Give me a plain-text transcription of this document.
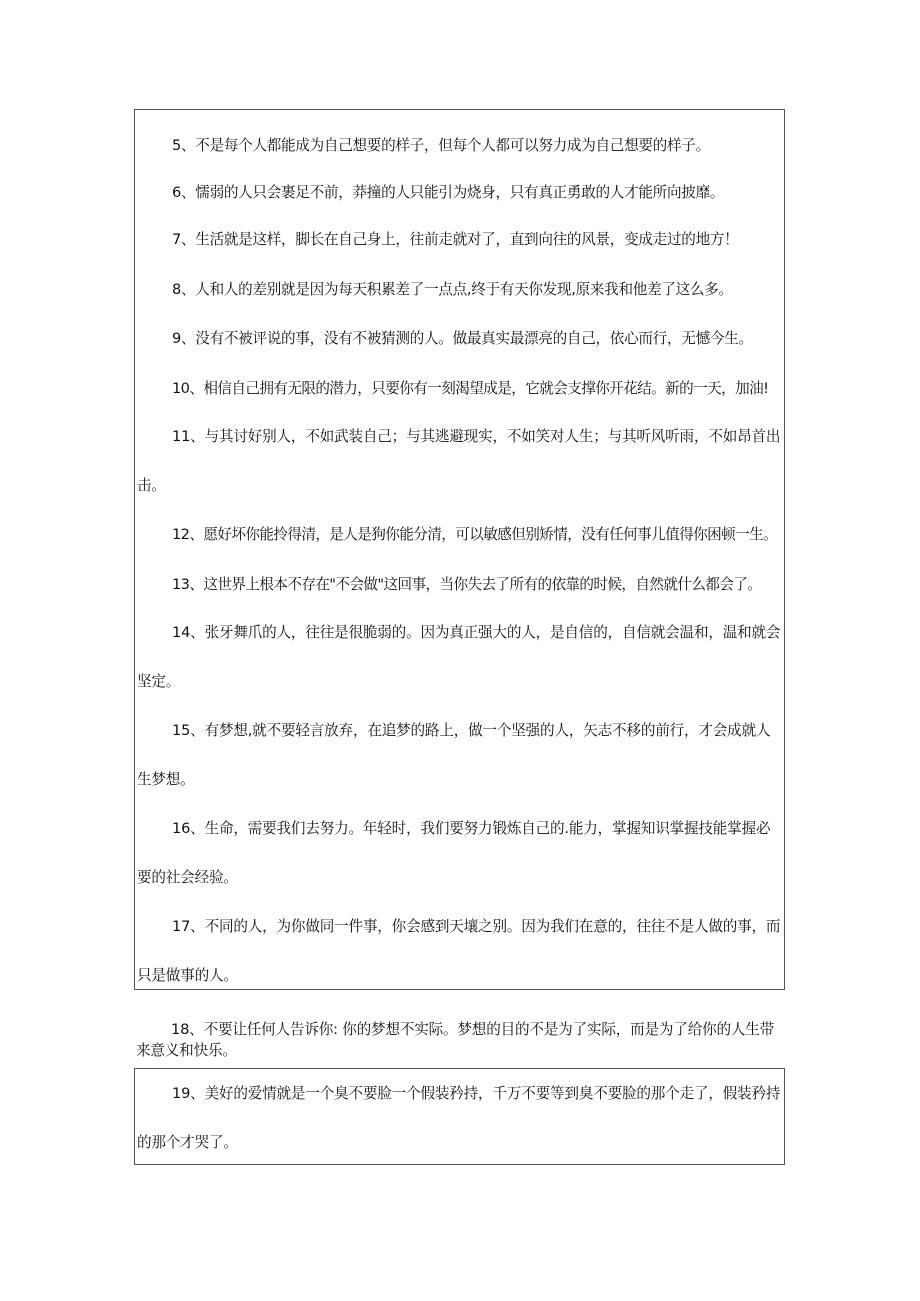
5、不是每个人都能成为自己想要的样子，但每个人都可以努力成为自己想要的样子。
6、懦弱的人只会裹足不前，莽撞的人只能引为烧身，只有真正勇敢的人才能所向披靡。
7、生活就是这样，脚长在自己身上，往前走就对了，直到向往的风景，变成走过的地方！
8、人和人的差别就是因为每天积累差了一点点,终于有天你发现,原来我和他差了这么多。
9、没有不被评说的事，没有不被猜测的人。做最真实最漂亮的自己，依心而行，无憾今生。
10、相信自己拥有无限的潜力，只要你有一刻渴望成是，它就会支撑你开花结。新的一天，加油!
11、与其讨好别人，不如武装自己；与其逃避现实，不如笑对人生；与其听风听雨，不如昂首出击。
12、愿好坏你能拎得清，是人是狗你能分清，可以敏感但别矫情，没有任何事儿值得你困顿一生。
13、这世界上根本不存在"不会做"这回事，当你失去了所有的依靠的时候，自然就什么都会了。
14、张牙舞爪的人，往往是很脆弱的。因为真正强大的人，是自信的，自信就会温和，温和就会坚定。
15、有梦想,就不要轻言放弃，在追梦的路上，做一个坚强的人，矢志不移的前行，才会成就人生梦想。
16、生命，需要我们去努力。年轻时，我们要努力锻炼自己的.能力，掌握知识掌握技能掌握必要的社会经验。
17、不同的人，为你做同一件事，你会感到天壤之别。因为我们在意的，往往不是人做的事，而只是做事的人。
18、不要让任何人告诉你: 你的梦想不实际。梦想的目的不是为了实际，而是为了给你的人生带来意义和快乐。
19、美好的爱情就是一个臭不要脸一个假装矜持，千万不要等到臭不要脸的那个走了，假装矜持的那个才哭了。
